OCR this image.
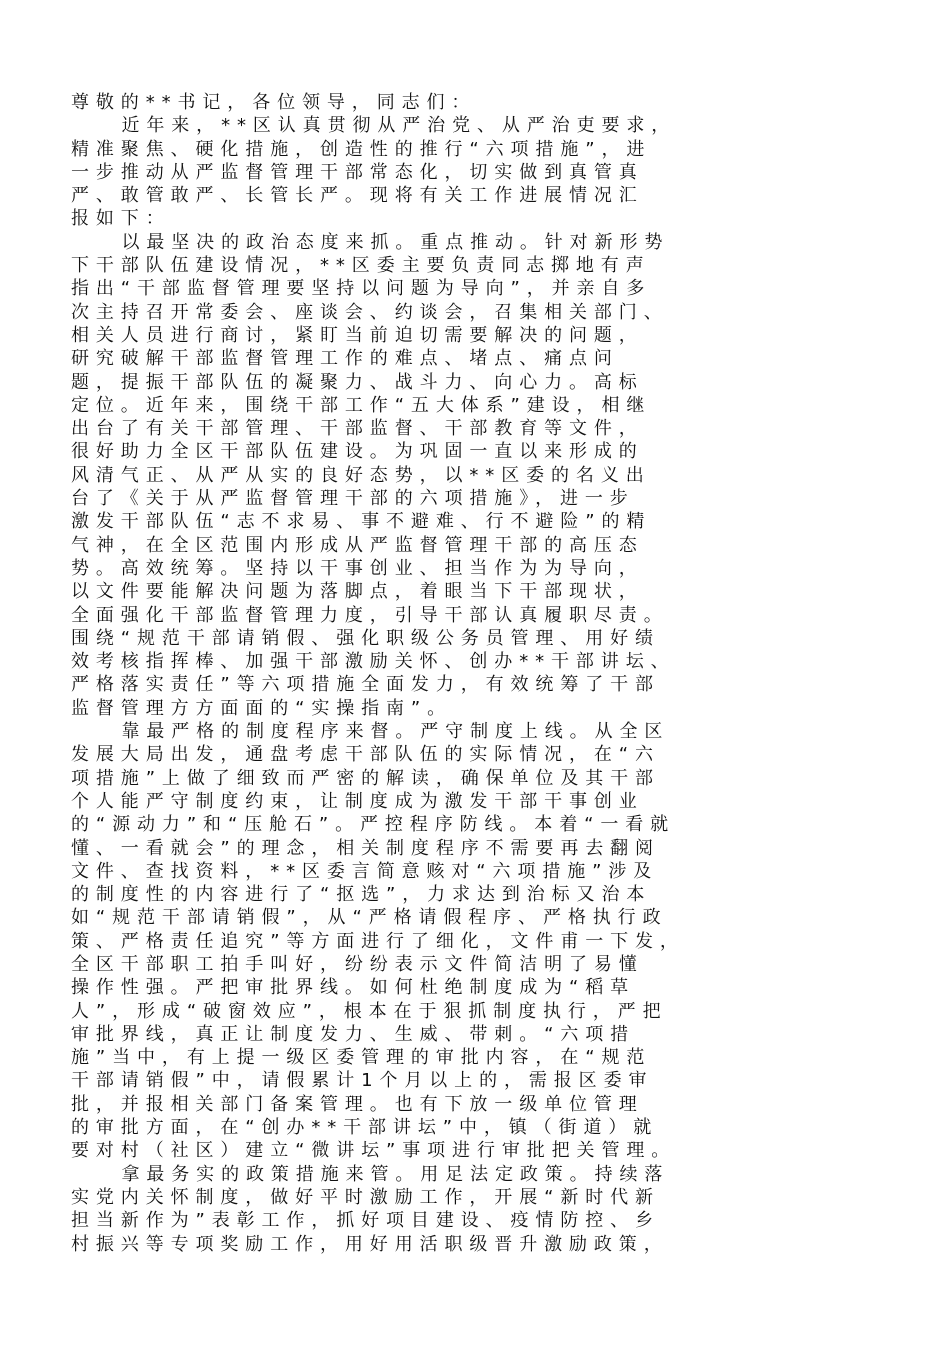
尊敬的**书记，各位领导，同志们：
近年来，**区认真贯彻从严治党、从严治吏要求，
精准聚焦、硬化措施，创造性的推行“六项措施”，进
一步推动从严监督管理干部常态化，切实做到真管真
严、敢管敢严、长管长严。现将有关工作进展情况汇
报如下：
以最坚决的政治态度来抓。重点推动。针对新形势
下干部队伍建设情况，**区委主要负责同志掷地有声
指出“干部监督管理要坚持以问题为导向”，并亲自多
次主持召开常委会、座谈会、约谈会，召集相关部门、
相关人员进行商讨，紧盯当前迫切需要解决的问题，
研究破解干部监督管理工作的难点、堵点、痛点问
题，提振干部队伍的凝聚力、战斗力、向心力。高标
定位。近年来，围绕干部工作“五大体系”建设，相继
出台了有关干部管理、干部监督、干部教育等文件，
很好助力全区干部队伍建设。为巩固一直以来形成的
风清气正、从严从实的良好态势，以**区委的名义出
台了《关于从严监督管理干部的六项措施》，进一步
激发干部队伍“志不求易、事不避难、行不避险”的精
气神，在全区范围内形成从严监督管理干部的高压态
势。高效统筹。坚持以干事创业、担当作为为导向，
以文件要能解决问题为落脚点，着眼当下干部现状，
全面强化干部监督管理力度，引导干部认真履职尽责。
围绕“规范干部请销假、强化职级公务员管理、用好绩
效考核指挥棒、加强干部激励关怀、创办**干部讲坛、
严格落实责任”等六项措施全面发力，有效统筹了干部
监督管理方方面面的“实操指南”。
靠最严格的制度程序来督。严守制度上线。从全区
发展大局出发，通盘考虑干部队伍的实际情况，在“六
项措施”上做了细致而严密的解读，确保单位及其干部
个人能严守制度约束，让制度成为激发干部干事创业
的“源动力”和“压舱石”。严控程序防线。本着“一看就
懂、一看就会”的理念，相关制度程序不需要再去翻阅
文件、查找资料，**区委言简意赅对“六项措施”涉及
的制度性的内容进行了“抠选”，力求达到治标又治本
如“规范干部请销假”，从“严格请假程序、严格执行政
策、严格责任追究”等方面进行了细化，文件甫一下发，
全区干部职工拍手叫好，纷纷表示文件简洁明了易懂
操作性强。严把审批界线。如何杜绝制度成为“稻草
人”，形成“破窗效应”，根本在于狠抓制度执行，严把
审批界线，真正让制度发力、生威、带刺。“六项措
施”当中，有上提一级区委管理的审批内容，在“规范
干部请销假”中，请假累计1个月以上的，需报区委审
批，并报相关部门备案管理。也有下放一级单位管理
的审批方面，在“创办**干部讲坛”中，镇（街道）就
要对村（社区）建立“微讲坛”事项进行审批把关管理。
拿最务实的政策措施来管。用足法定政策。持续落
实党内关怀制度，做好平时激励工作，开展“新时代新
担当新作为”表彰工作，抓好项目建设、疫情防控、乡
村振兴等专项奖励工作，用好用活职级晋升激励政策，
